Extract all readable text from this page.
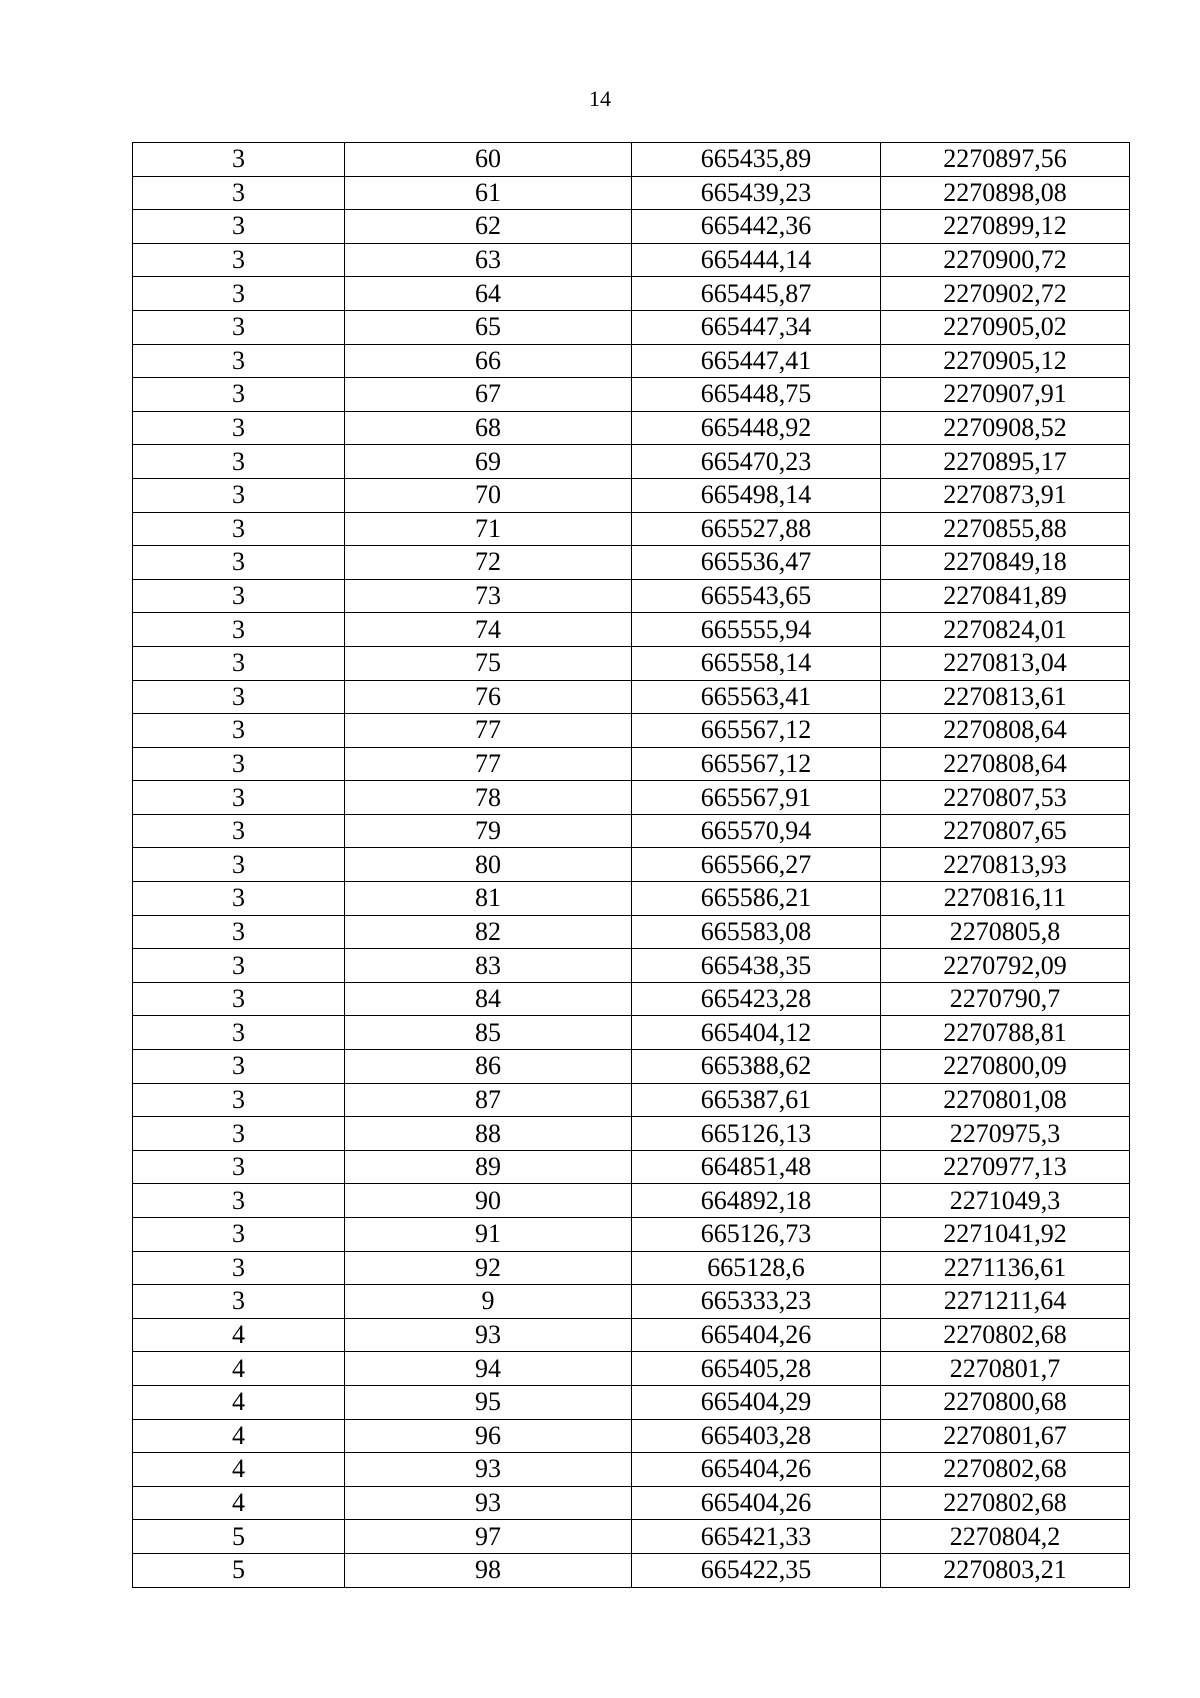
14
3	60	665435,89	2270897,56
3	61	665439,23	2270898,08
3	62	665442,36	2270899,12
3	63	665444,14	2270900,72
3	64	665445,87	2270902,72
3	65	665447,34	2270905,02
3	66	665447,41	2270905,12
3	67	665448,75	2270907,91
3	68	665448,92	2270908,52
3	69	665470,23	2270895,17
3	70	665498,14	2270873,91
3	71	665527,88	2270855,88
3	72	665536,47	2270849,18
3	73	665543,65	2270841,89
3	74	665555,94	2270824,01
3	75	665558,14	2270813,04
3	76	665563,41	2270813,61
3	77	665567,12	2270808,64
3	77	665567,12	2270808,64
3	78	665567,91	2270807,53
3	79	665570,94	2270807,65
3	80	665566,27	2270813,93
3	81	665586,21	2270816,11
3	82	665583,08	2270805,8
3	83	665438,35	2270792,09
3	84	665423,28	2270790,7
3	85	665404,12	2270788,81
3	86	665388,62	2270800,09
3	87	665387,61	2270801,08
3	88	665126,13	2270975,3
3	89	664851,48	2270977,13
3	90	664892,18	2271049,3
3	91	665126,73	2271041,92
3	92	665128,6	2271136,61
3	9	665333,23	2271211,64
4	93	665404,26	2270802,68
4	94	665405,28	2270801,7
4	95	665404,29	2270800,68
4	96	665403,28	2270801,67
4	93	665404,26	2270802,68
4	93	665404,26	2270802,68
5	97	665421,33	2270804,2
5	98	665422,35	2270803,21
